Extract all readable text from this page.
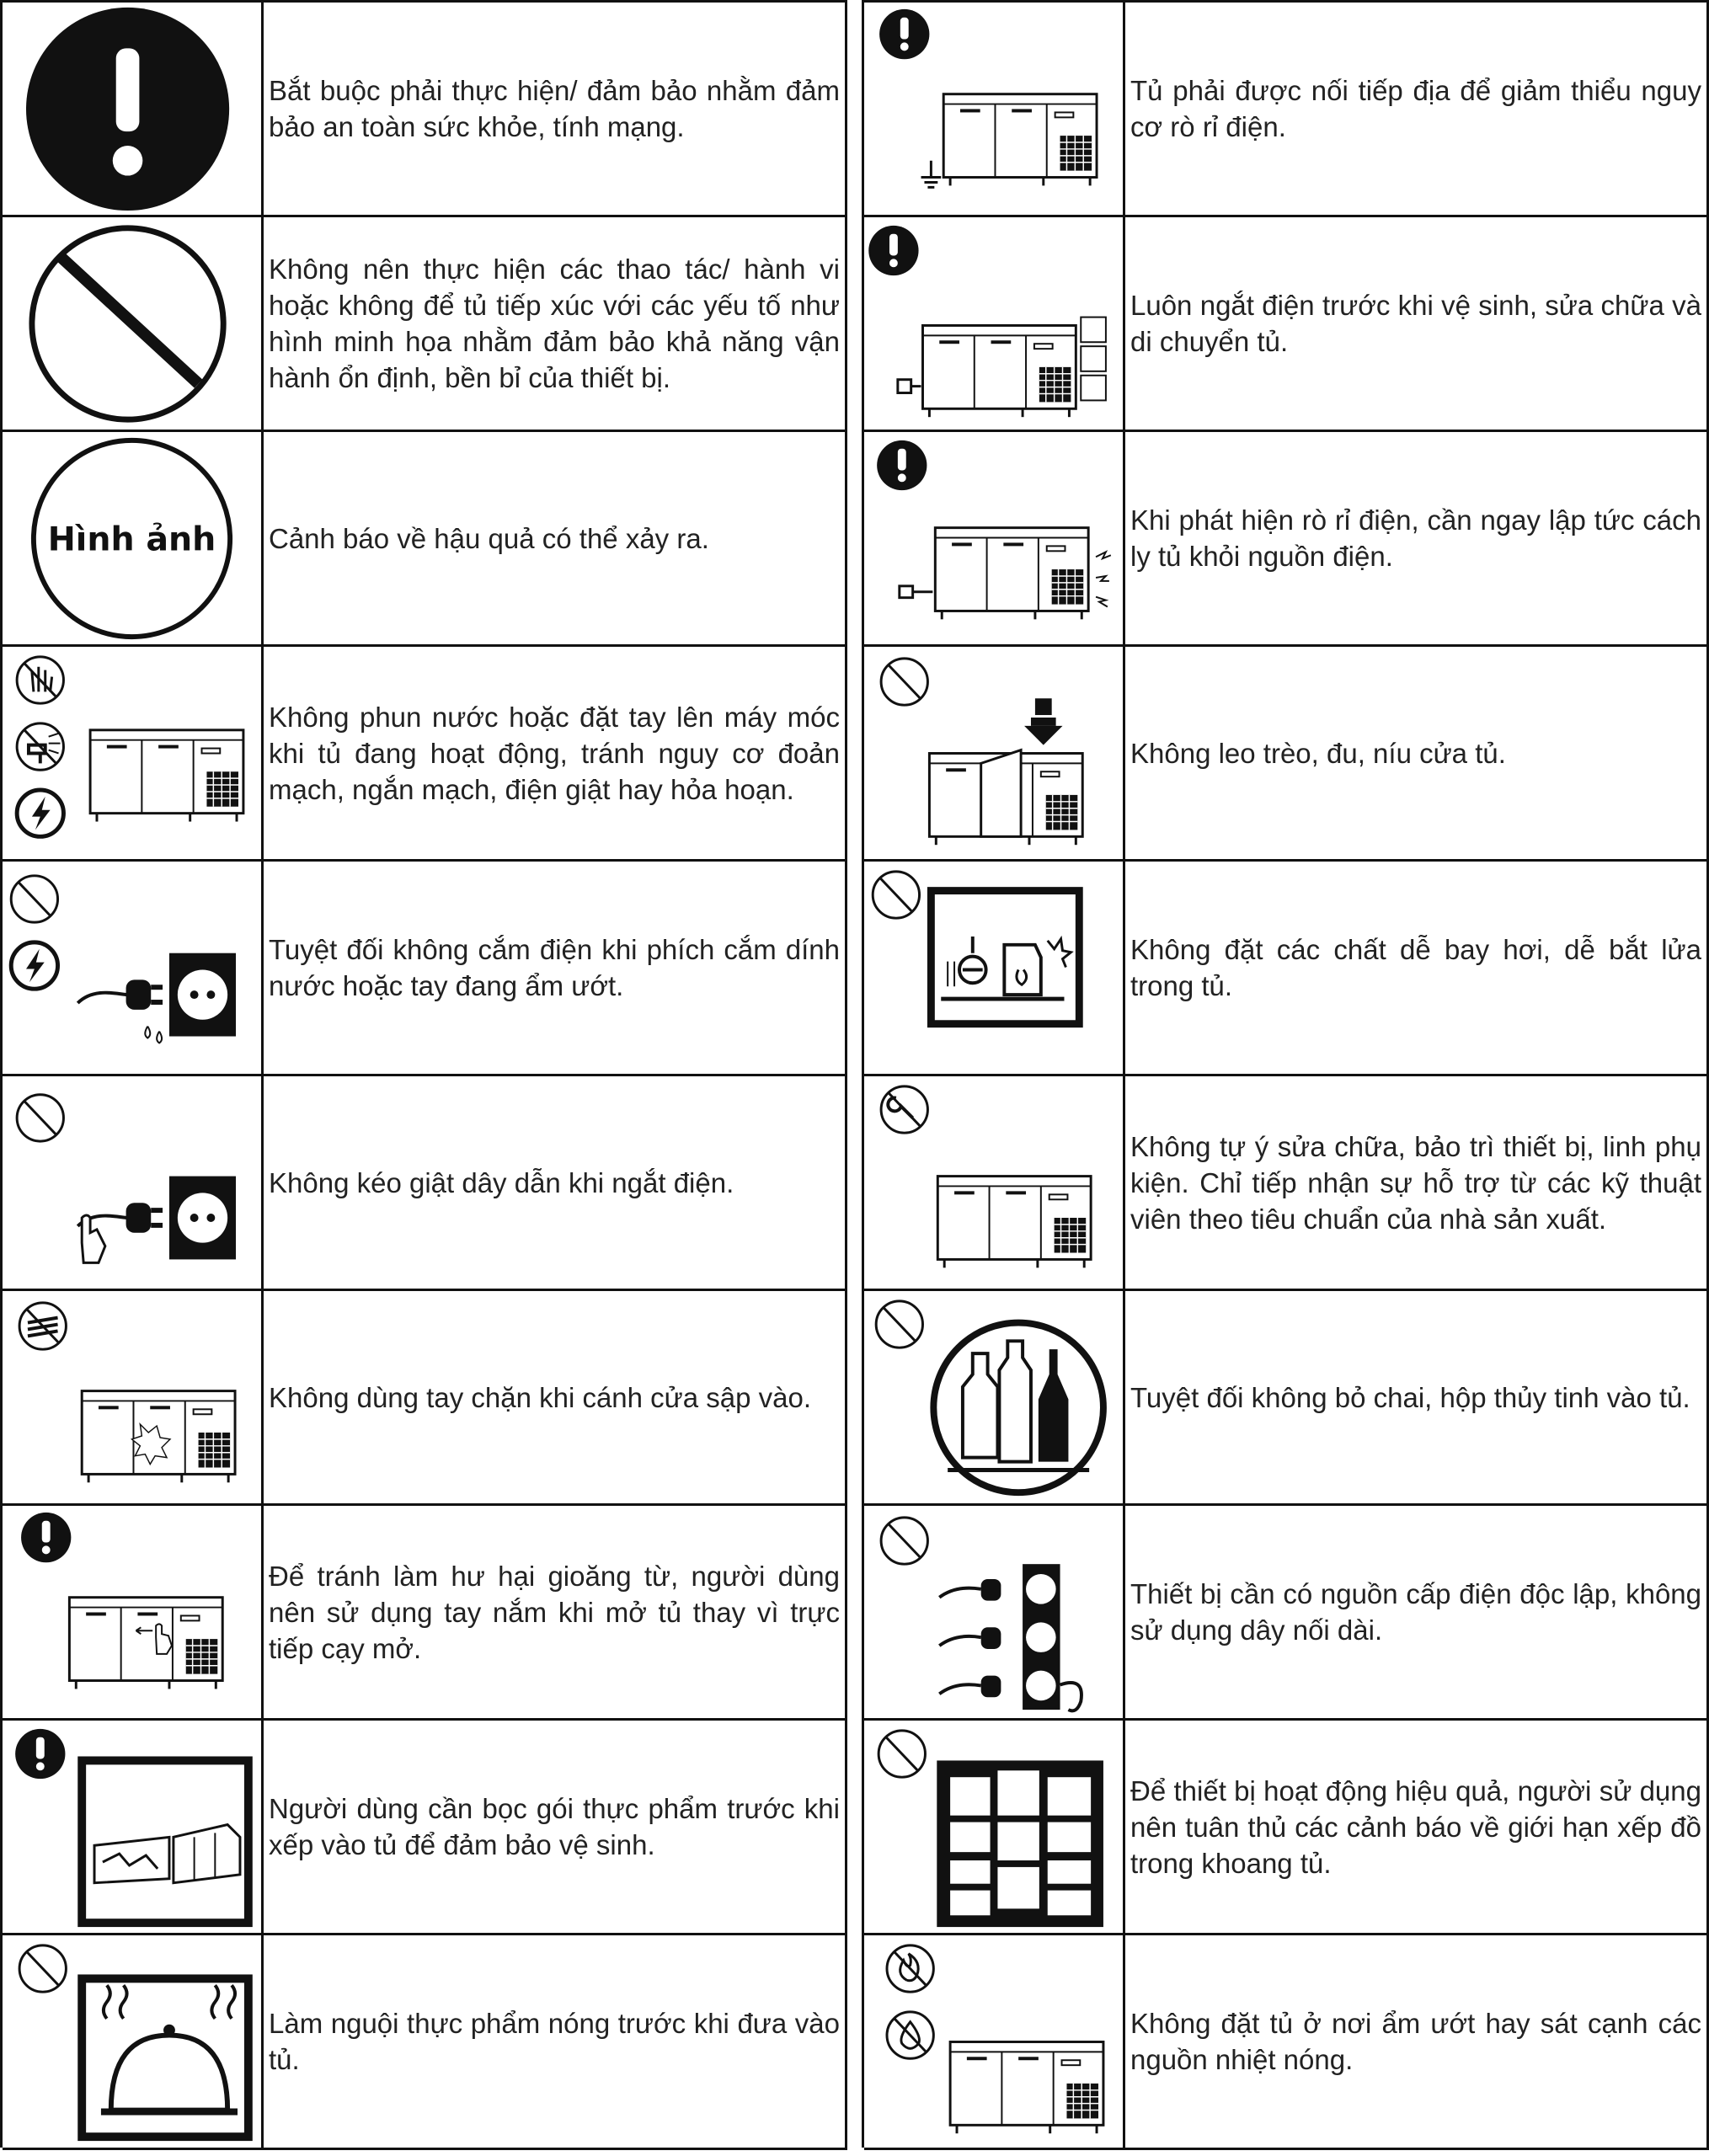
Bắt buộc phải thực hiện/ đảm bảo nhằm đảm bảo an toàn sức khỏe, tính mạng.
Không nên thực hiện các thao tác/ hành vi hoặc không để tủ tiếp xúc với các yếu tố như hình minh họa nhằm đảm bảo khả năng vận hành ổn định, bền bỉ của thiết bị.
Hình ảnh Cảnh báo về hậu quả có thể xảy ra.
Không phun nước hoặc đặt tay lên máy móc khi tủ đang hoạt động, tránh nguy cơ đoản mạch, ngắn mạch, điện giật hay hỏa hoạn.
Tuyệt đối không cắm điện khi phích cắm dính nước hoặc tay đang ẩm ướt.
Không kéo giật dây dẫn khi ngắt điện.
Không dùng tay chặn khi cánh cửa sập vào.
Để tránh làm hư hại gioăng từ, người dùng nên sử dụng tay nắm khi mở tủ thay vì trực tiếp cạy mở.
Người dùng cần bọc gói thực phẩm trước khi xếp vào tủ để đảm bảo vệ sinh.
Làm nguội thực phẩm nóng trước khi đưa vào tủ.
Tủ phải được nối tiếp địa để giảm thiểu nguy cơ rò rỉ điện.
Luôn ngắt điện trước khi vệ sinh, sửa chữa và di chuyển tủ.
Khi phát hiện rò rỉ điện, cần ngay lập tức cách ly tủ khỏi nguồn điện.
Không leo trèo, đu, níu cửa tủ.
Không đặt các chất dễ bay hơi, dễ bắt lửa trong tủ.
Không tự ý sửa chữa, bảo trì thiết bị, linh phụ kiện. Chỉ tiếp nhận sự hỗ trợ từ các kỹ thuật viên theo tiêu chuẩn của nhà sản xuất.
Tuyệt đối không bỏ chai, hộp thủy tinh vào tủ.
Thiết bị cần có nguồn cấp điện độc lập, không sử dụng dây nối dài.
Để thiết bị hoạt động hiệu quả, người sử dụng nên tuân thủ các cảnh báo về giới hạn xếp đồ trong khoang tủ.
Không đặt tủ ở nơi ẩm ướt hay sát cạnh các nguồn nhiệt nóng.
